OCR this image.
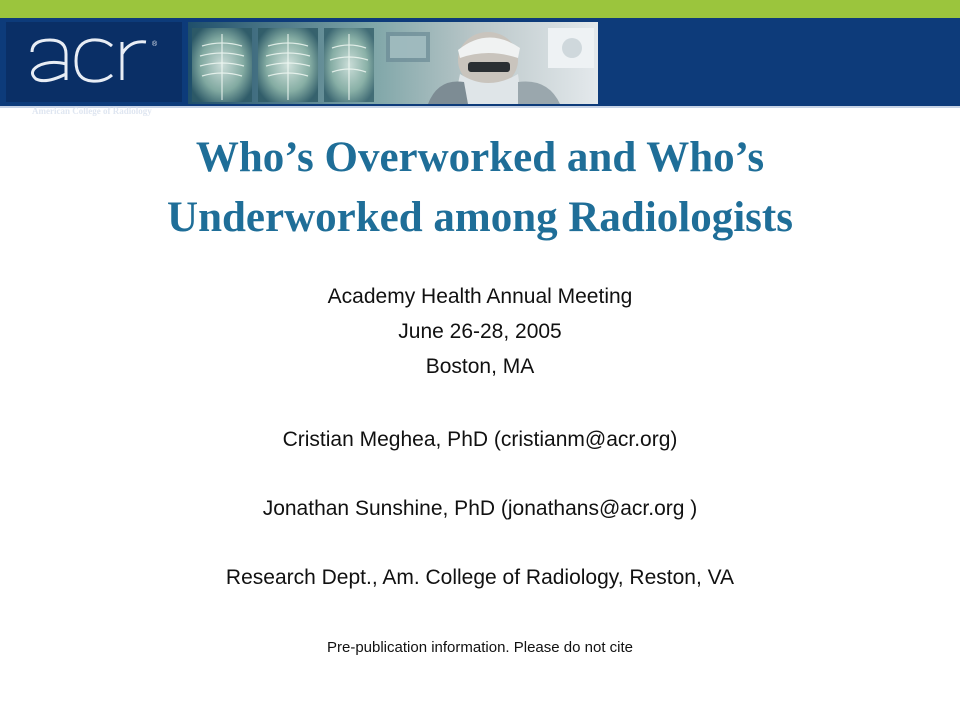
®
American College of Radiology
Who’s Overworked and Who’s
Underworked among Radiologists

Academy Health Annual Meeting

June 26-28, 2005

Boston, MA

Cristian Meghea, PhD (cristianm@acr.org)

Jonathan Sunshine, PhD (jonathans@acr.org )

Research Dept., Am. College of Radiology, Reston, VA

Pre-publication information. Please do not cite
